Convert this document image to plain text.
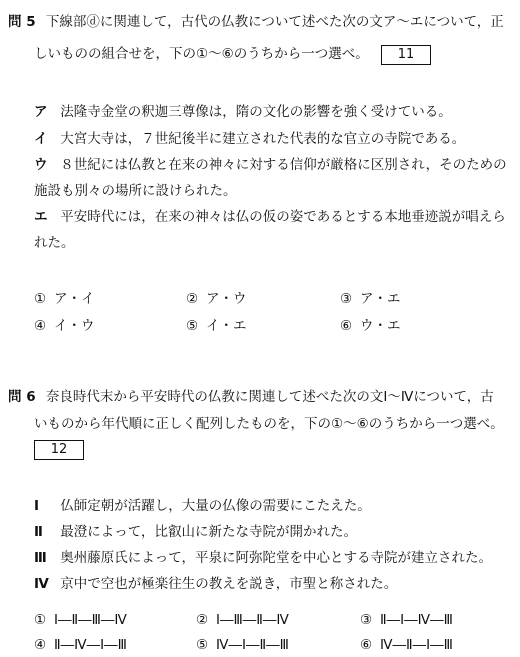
問 5 下線部ⓓに関連して，古代の仏教について述べた次の文ア～エについて，正
しいものの組合せを，下の①～⑥のうちから一つ選べ。 11
ア 法隆寺金堂の釈迦三尊像は，隋の文化の影響を強く受けている。
イ 大宮大寺は，７世紀後半に建立された代表的な官立の寺院である。
ウ ８世紀には仏教と在来の神々に対する信仰が厳格に区別され，そのための
施設も別々の場所に設けられた。
エ 平安時代には，在来の神々は仏の仮の姿であるとする本地垂迹説が唱えら
れた。
① ア・イ	② ア・ウ	③ ア・エ
④ イ・ウ	⑤ イ・エ	⑥ ウ・エ
問 6 奈良時代末から平安時代の仏教に関連して述べた次の文Ⅰ～Ⅳについて，古
いものから年代順に正しく配列したものを，下の①～⑥のうちから一つ選べ。
12
Ⅰ 仏師定朝が活躍し，大量の仏像の需要にこたえた。
Ⅱ 最澄によって，比叡山に新たな寺院が開かれた。
Ⅲ 奥州藤原氏によって，平泉に阿弥陀堂を中心とする寺院が建立された。
Ⅳ 京中で空也が極楽往生の教えを説き，市聖と称された。
① Ⅰ―Ⅱ―Ⅲ―Ⅳ	② Ⅰ―Ⅲ―Ⅱ―Ⅳ	③ Ⅱ―Ⅰ―Ⅳ―Ⅲ
④ Ⅱ―Ⅳ―Ⅰ―Ⅲ	⑤ Ⅳ―Ⅰ―Ⅱ―Ⅲ	⑥ Ⅳ―Ⅱ―Ⅰ―Ⅲ
